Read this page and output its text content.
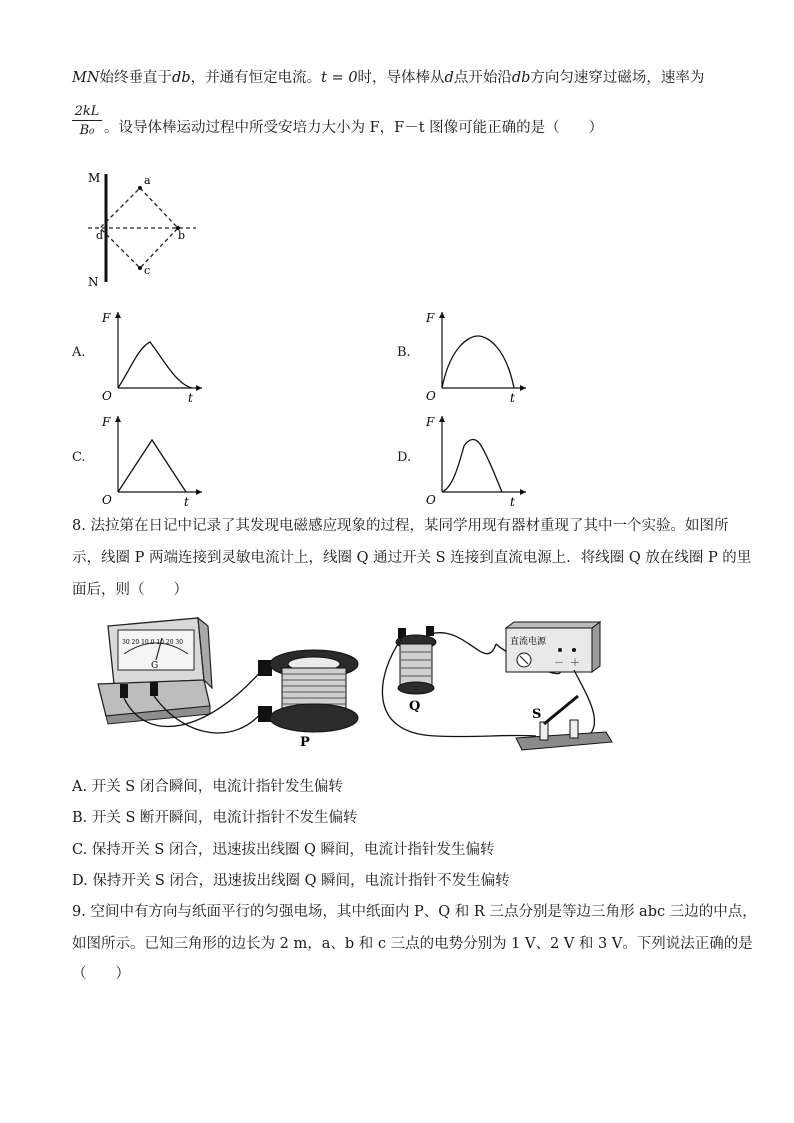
MN始终垂直于db，并通有恒定电流。t = 0时，导体棒从d点开始沿db方向匀速穿过磁场，速率为
$\frac{2kL}{\text{B₀}}$ 。设导体棒运动过程中所受安培力大小为 F，F－t 图像可能正确的是（　　）
M
N
a
b
c
d
A.
F
O	t
B.
F
O	t
C.
F
O	t
D.
F
O	t
8. 法拉第在日记中记录了其发现电磁感应现象的过程，某同学用现有器材重现了其中一个实验。如图所
示，线圈 P 两端连接到灵敏电流计上，线圈 Q 通过开关 S 连接到直流电源上．将线圈 Q 放在线圈 P 的里
面后，则（　　）
30 20 10 0 10 20 30
G
P
Q
直流电源
－ ＋
S
A. 开关 S 闭合瞬间，电流计指针发生偏转
B. 开关 S 断开瞬间，电流计指针不发生偏转
C. 保持开关 S 闭合，迅速拔出线圈 Q 瞬间，电流计指针发生偏转
D. 保持开关 S 闭合，迅速拔出线圈 Q 瞬间，电流计指针不发生偏转
9. 空间中有方向与纸面平行的匀强电场，其中纸面内 P、Q 和 R 三点分别是等边三角形 abc 三边的中点，
如图所示。已知三角形的边长为 2 m，a、b 和 c 三点的电势分别为 1 V、2 V 和 3 V。下列说法正确的是
（　　）
